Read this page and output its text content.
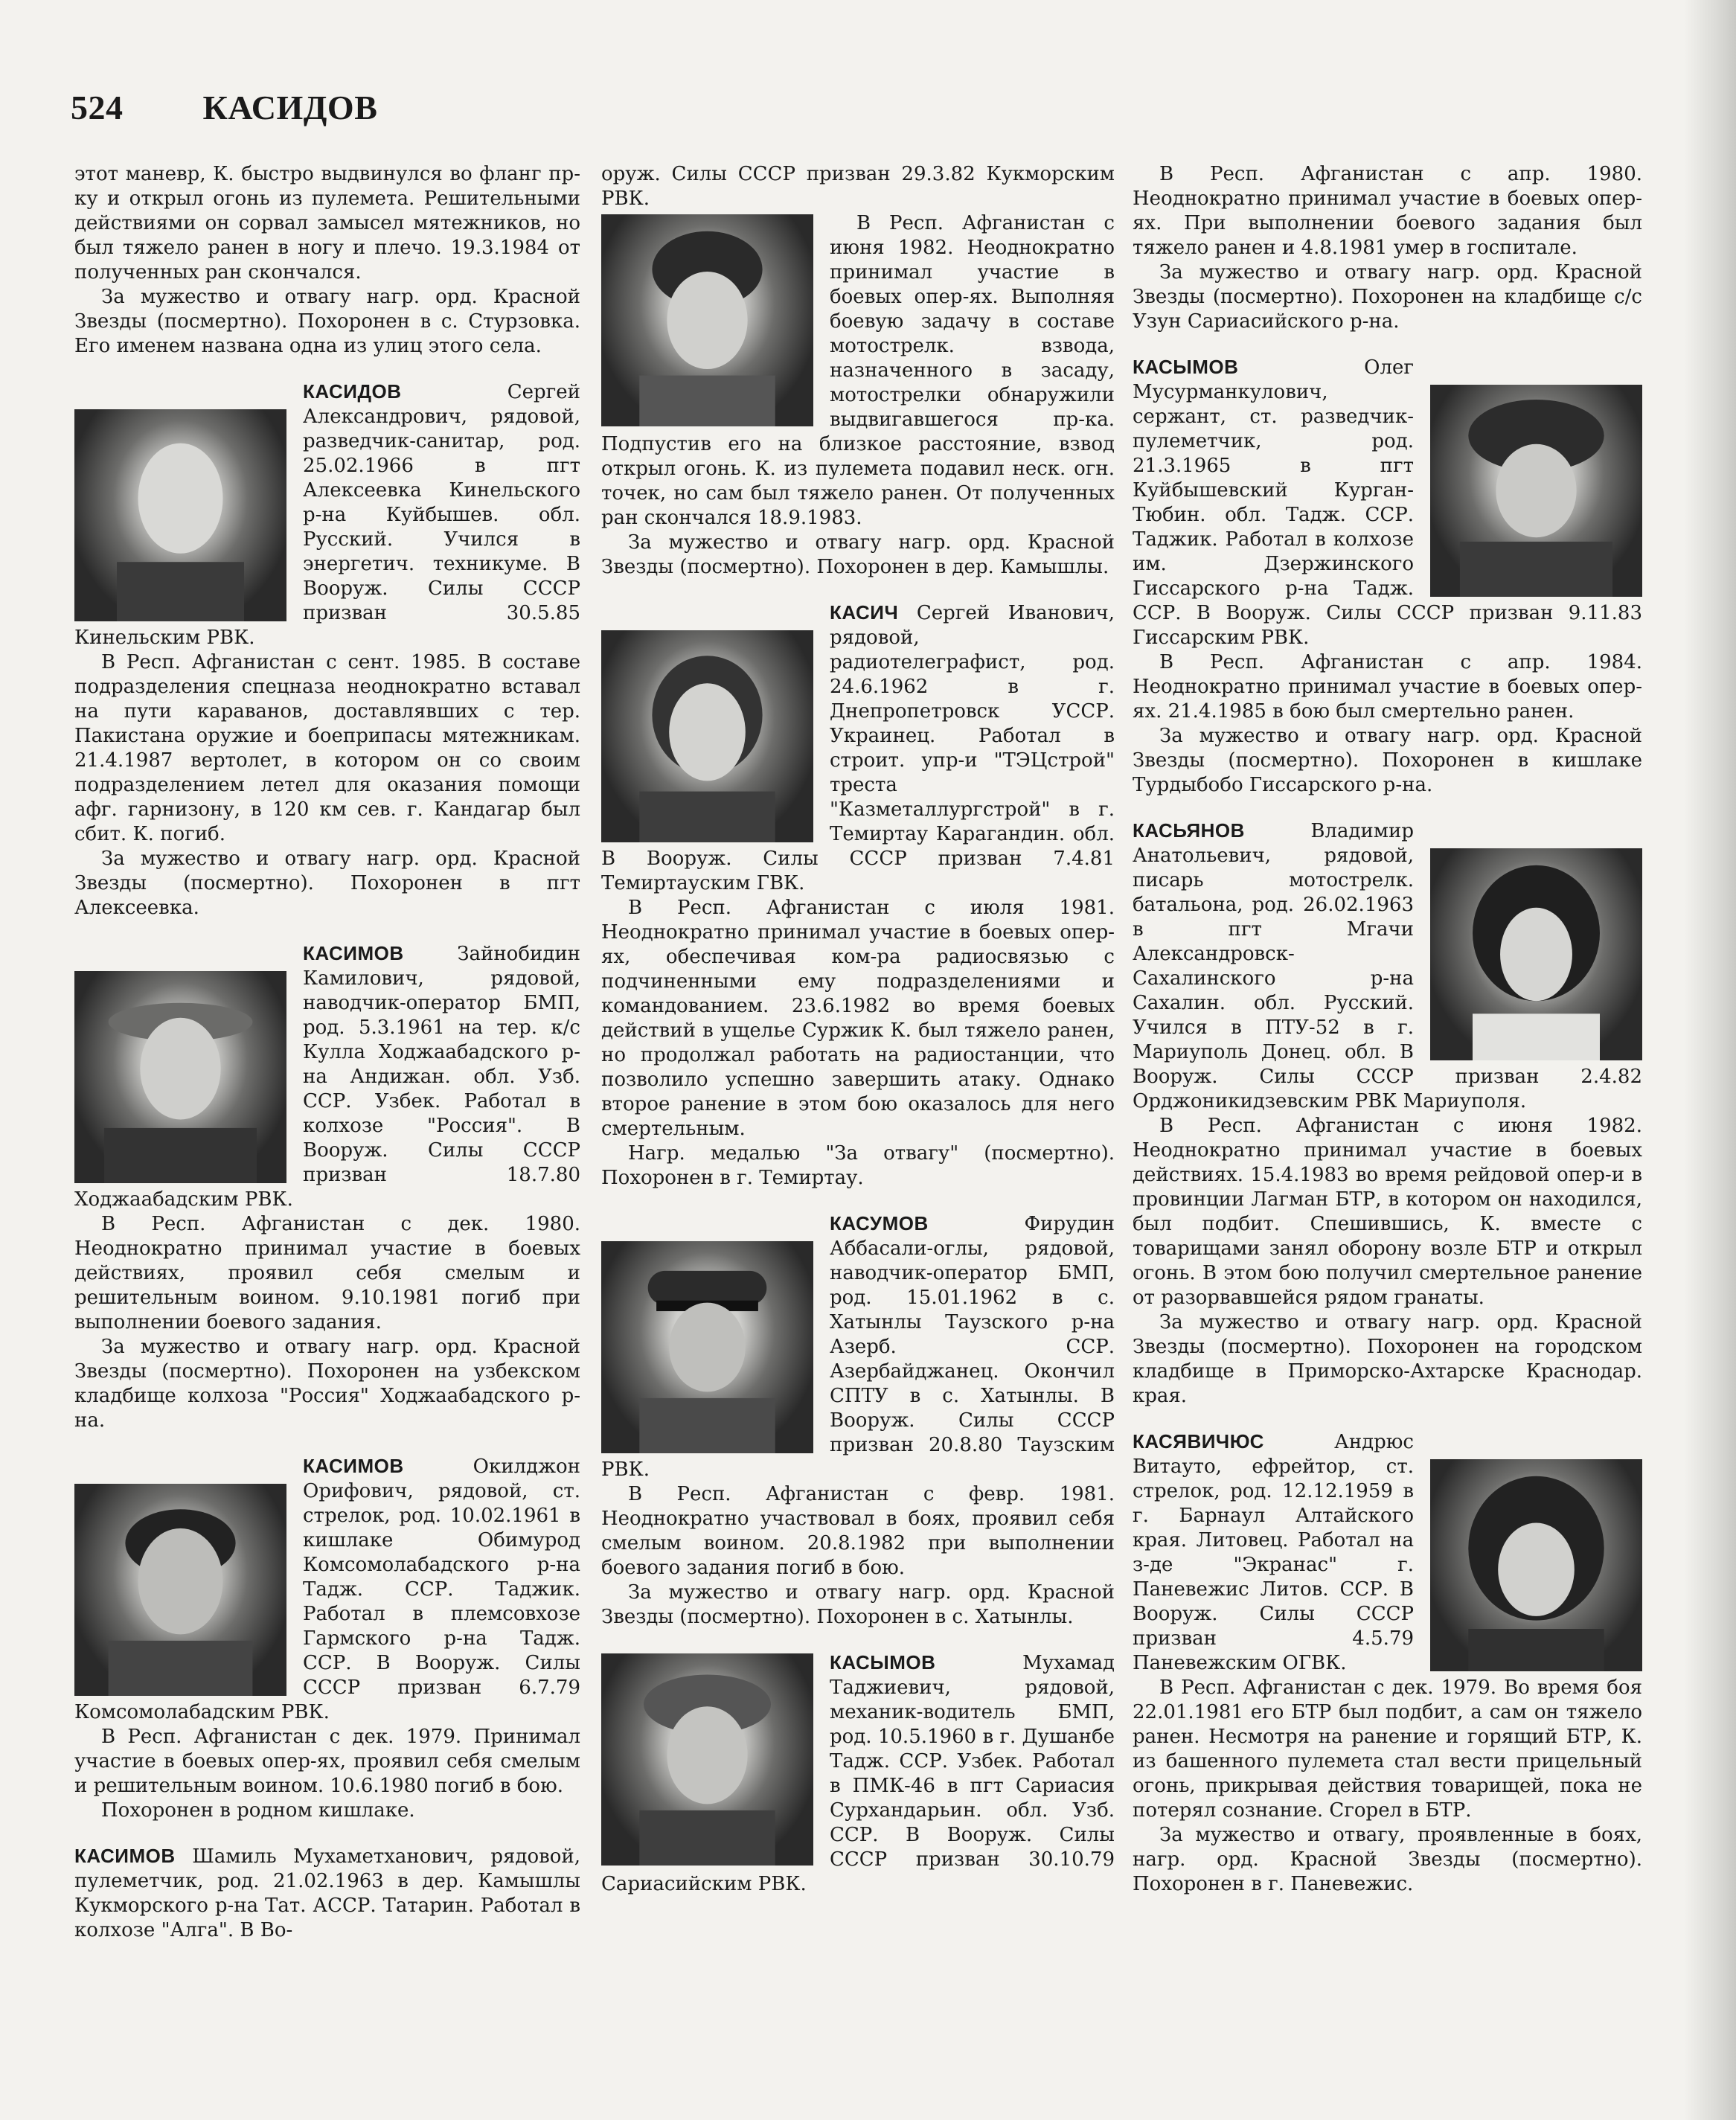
524 КАСИДОВ

этот маневр, К. быстро выдвинулся во фланг пр-ку и открыл огонь из пулемета. Решительными действиями он сорвал замысел мятежников, но был тяжело ранен в ногу и плечо. 19.3.1984 от полученных ран скончался.

За мужество и отвагу нагр. орд. Красной Звезды (посмертно). Похоронен в с. Стурзовка. Его именем названа одна из улиц этого села.

КАСИДОВ	Сергей Александрович, рядовой, разведчик-санитар, род. 25.02.1966 в пгт Алексеевка Кинельского р-на Куйбышев. обл. Русский. Учился в энергетич. техникуме. В Вооруж. Силы СССР призван 30.5.85 Кинельским РВК.

В Респ. Афганистан с сент. 1985. В составе подразделения спецназа неоднократно вставал на пути караванов, доставлявших с тер. Пакистана оружие и боеприпасы мятежникам. 21.4.1987 вертолет, в котором он со своим подразделением летел для оказания помощи афг. гарнизону, в 120 км сев. г. Кандагар был сбит. К. погиб.

За мужество и отвагу нагр. орд. Красной Звезды (посмертно). Похоронен в пгт Алексеевка.

КАСИМОВ	Зайнобидин Камилович, рядовой, наводчик-оператор БМП, род. 5.3.1961 на тер. к/с Кулла Ходжаабадского р-на Андижан. обл. Узб. ССР. Узбек. Работал в колхозе "Россия". В Вооруж. Силы СССР призван 18.7.80 Ходжаабадским РВК.

В Респ. Афганистан с дек. 1980. Неоднократно принимал участие в боевых действиях, проявил себя смелым и решительным воином. 9.10.1981 погиб при выполнении боевого задания.

За мужество и отвагу нагр. орд. Красной Звезды (посмертно). Похоронен на узбекском кладбище колхоза "Россия" Ходжаабадского р-на.

КАСИМОВ	Окилджон Орифович, рядовой, ст. стрелок, род. 10.02.1961 в кишлаке Обимурод Комсомолабадского р-на Тадж. ССР. Таджик. Работал в племсовхозе Гармского р-на Тадж. ССР. В Вооруж. Силы СССР призван 6.7.79 Комсомолабадским РВК.

В Респ. Афганистан с дек. 1979. Принимал участие в боевых опер-ях, проявил себя смелым и решительным воином. 10.6.1980 погиб в бою.

Похоронен в родном кишлаке.

КАСИМОВ Шамиль Мухаметханович, рядовой, пулеметчик, род. 21.02.1963 в дер. Камышлы Кукморского р-на Тат. АССР. Татарин. Работал в колхозе "Алга". В Во-

оруж. Силы СССР призван 29.3.82 Кукморским РВК.

В Респ. Афганистан с июня 1982. Неоднократно принимал участие в боевых опер-ях. Выполняя боевую задачу в составе мотострелк. взвода, назначенного в засаду, мотострелки обнаружили выдвигавшегося пр-ка. Подпустив его на близкое расстояние, взвод открыл огонь. К. из пулемета подавил неск. огн. точек, но сам был тяжело ранен. От полученных ран скончался 18.9.1983.

За мужество и отвагу нагр. орд. Красной Звезды (посмертно). Похоронен в дер. Камышлы.

КАСИЧ Сергей Иванович, рядовой, радиотелеграфист, род. 24.6.1962 в г. Днепропетровск УССР. Украинец. Работал в строит. упр-и "ТЭЦстрой" треста "Казметаллургстрой" в г. Темиртау Карагандин. обл. В Вооруж. Силы СССР призван 7.4.81 Темиртауским ГВК.

В Респ. Афганистан с июля 1981. Неоднократно принимал участие в боевых опер-ях, обеспечивая ком-ра радиосвязью с подчиненными ему подразделениями и командованием. 23.6.1982 во время боевых действий в ущелье Суржик К. был тяжело ранен, но продолжал работать на радиостанции, что позволило успешно завершить атаку. Однако второе ранение в этом бою оказалось для него смертельным.

Нагр. медалью "За отвагу" (посмертно). Похоронен в г. Темиртау.

КАСУМОВ	Фирудин Аббасали-оглы, рядовой, наводчик-оператор БМП, род. 15.01.1962 в с. Хатынлы Таузского р-на Азерб. ССР. Азербайджанец. Окончил СПТУ в с. Хатынлы. В Вооруж. Силы СССР призван 20.8.80 Таузским РВК.

В Респ. Афганистан с февр. 1981. Неоднократно участвовал в боях, проявил себя смелым воином. 20.8.1982 при выполнении боевого задания погиб в бою.

За мужество и отвагу нагр. орд. Красной Звезды (посмертно). Похоронен в с. Хатынлы.

КАСЫМОВ	Мухамад Таджиевич, рядовой, механик-водитель БМП, род. 10.5.1960 в г. Душанбе Тадж. ССР. Узбек. Работал в ПМК-46 в пгт Сариасия Сурхандарьин. обл. Узб. ССР. В Вооруж. Силы СССР призван 30.10.79 Сариасийским РВК.

В Респ. Афганистан с апр. 1980. Неоднократно принимал участие в боевых опер-ях. При выполнении боевого задания был тяжело ранен и 4.8.1981 умер в госпитале.

За мужество и отвагу нагр. орд. Красной Звезды (посмертно). Похоронен на кладбище с/с Узун Сариасийского р-на.

КАСЫМОВ	Олег Мусурманкулович, сержант, ст. разведчик-пулеметчик, род. 21.3.1965 в пгт Куйбышевский Курган-Тюбин. обл. Тадж. ССР. Таджик. Работал в колхозе им. Дзержинского Гиссарского р-на Тадж. ССР. В Вооруж. Силы СССР призван 9.11.83 Гиссарским РВК.

В Респ. Афганистан с апр. 1984. Неоднократно принимал участие в боевых опер-ях. 21.4.1985 в бою был смертельно ранен.

За мужество и отвагу нагр. орд. Красной Звезды (посмертно). Похоронен в кишлаке Турдыбобо Гиссарского р-на.

КАСЬЯНОВ	Владимир Анатольевич, рядовой, писарь мотострелк. батальона, род. 26.02.1963 в пгт Мгачи Александровск-Сахалинского р-на Сахалин. обл. Русский. Учился в ПТУ-52 в г. Мариуполь Донец. обл. В Вооруж. Силы СССР призван 2.4.82 Орджоникидзевским РВК Мариуполя.

В Респ. Афганистан с июня 1982. Неоднократно принимал участие в боевых действиях. 15.4.1983 во время рейдовой опер-и в провинции Лагман БТР, в котором он находился, был подбит. Спешившись, К. вместе с товарищами занял оборону возле БТР и открыл огонь. В этом бою получил смертельное ранение от разорвавшейся рядом гранаты.

За мужество и отвагу нагр. орд. Красной Звезды (посмертно). Похоронен на городском кладбище в Приморско-Ахтарске Краснодар. края.

КАСЯВИЧЮС	Андрюс Витаутo, ефрейтор, ст. стрелок, род. 12.12.1959 в г. Барнаул Алтайского края. Литовец. Работал на з-де "Экранас" г. Паневежис Литов. ССР. В Вооруж. Силы СССР призван 4.5.79 Паневежским ОГВК.

В Респ. Афганистан с дек. 1979. Во время боя 22.01.1981 его БТР был подбит, а сам он тяжело ранен. Несмотря на ранение и горящий БТР, К. из башенного пулемета стал вести прицельный огонь, прикрывая действия товарищей, пока не потерял сознание. Сгорел в БТР.

За мужество и отвагу, проявленные в боях, нагр. орд. Красной Звезды (посмертно). Похоронен в г. Паневежис.
